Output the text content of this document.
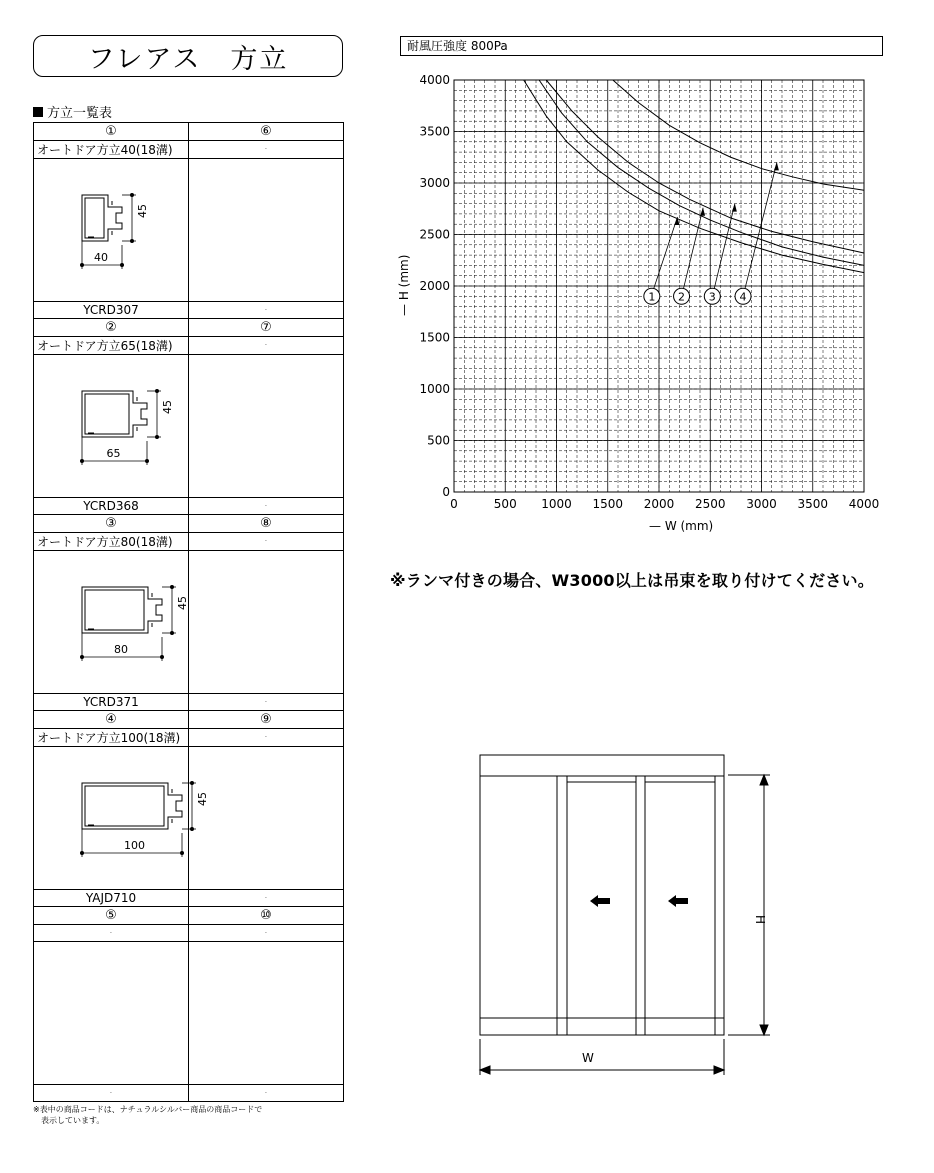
フレアス　方立
方立一覧表
①	⑥
オートドア方立40(18溝)	·

45
40	

YCRD307	·
②	⑦
オートドア方立65(18溝)	·

45
65	

YCRD368	·
③	⑧
オートドア方立80(18溝)	·

45
80	

YCRD371	·
④	⑨
オートドア方立100(18溝)	·

45
100	

YAJD710	·
⑤	⑩
·	·

·	·
※表中の商品コードは、ナチュラルシルバー商品の商品コードで
　表示しています。
耐風圧強度 800Pa
0	500 1000 1500 2000 2500 3000 3500 4000
0
500
1000
1500
2000
2500
3000
3500
4000
— W (mm)
— H (mm)	1 2 3 4
※ランマ付きの場合、W3000以上は吊束を取り付けてください。
H
W
